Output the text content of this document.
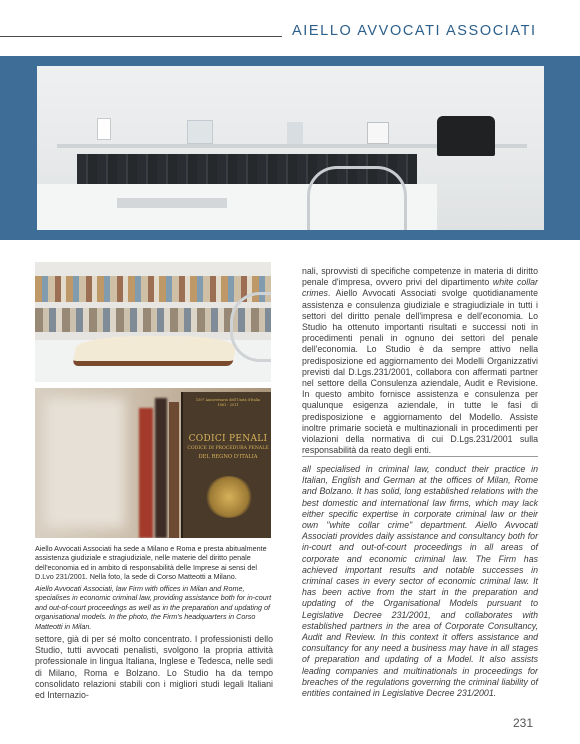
AIELLO AVVOCATI ASSOCIATI
150° Anniversario dell'Unità d'Italia
1861 - 2011
CODICI PENALI
CODICE DI PROCEDURA PENALE
DEL REGNO D'ITALIA

Aiello Avvocati Associati ha sede a Milano e Roma e presta abitualmente assistenza giudiziale e stragiudiziale, nelle materie del diritto penale dell'economia ed in ambito di responsabilità delle Imprese ai sensi del D.Lvo 231/2001. Nella foto, la sede di Corso Matteotti a Milano.

Aiello Avvocati Associati, law Firm with offices in Milan and Rome, specialises in economic criminal law, providing assistance both for in-court and out-of-court proceedings as well as in the preparation and updating of organisational models. In the photo, the Firm's headquarters in Corso Matteotti in Milan.

settore, già di per sé molto concentrato. I professionisti dello Studio, tutti avvocati penalisti, svolgono la propria attività professionale in lingua Italiana, Inglese e Tedesca, nelle sedi di Milano, Roma e Bolzano. Lo Studio ha da tempo consolidato relazioni stabili con i migliori studi legali Italiani ed Internazio-

nali, sprovvisti di specifiche competenze in materia di diritto penale d'impresa, ovvero privi del dipartimento white collar crimes. Aiello Avvocati Associati svolge quotidianamente assistenza e consulenza giudiziale e stragiudiziale in tutti i settori del diritto penale dell'impresa e dell'economia. Lo Studio ha ottenuto importanti risultati e successi noti in procedimenti penali in ognuno dei settori del penale dell'economia. Lo Studio è da sempre attivo nella predisposizione ed aggiornamento dei Modelli Organizzativi previsti dal D.Lgs.231/2001, collabora con affermati partner nel settore della Consulenza aziendale, Audit e Revisione. In questo ambito fornisce assistenza e consulenza per qualunque esigenza aziendale, in tutte le fasi di predisposizione e aggiornamento del Modello. Assiste inoltre primarie società e multinazionali in procedimenti per violazioni della normativa di cui D.Lgs.231/2001 sulla responsabilità da reato degli enti.

all specialised in criminal law, conduct their practice in Italian, English and German at the offices of Milan, Rome and Bolzano. It has solid, long established relations with the best domestic and international law firms, which may lack either specific expertise in corporate criminal law or their own "white collar crime" department. Aiello Avvocati Associati provides daily assistance and consultancy both for in-court and out-of-court proceedings in all areas of corporate and economic criminal law. The Firm has achieved important results and notable successes in criminal cases in every sector of economic criminal law. It has been active from the start in the preparation and updating of the Organisational Models pursuant to Legislative Decree 231/2001, and collaborates with established partners in the area of Corporate Consultancy, Audit and Review. In this context it offers assistance and consultancy for any need a business may have in all stages of preparation and updating of a Model. It also assists leading companies and multinationals in proceedings for breaches of the regulations governing the criminal liability of entities contained in Legislative Decree 231/2001.

231
